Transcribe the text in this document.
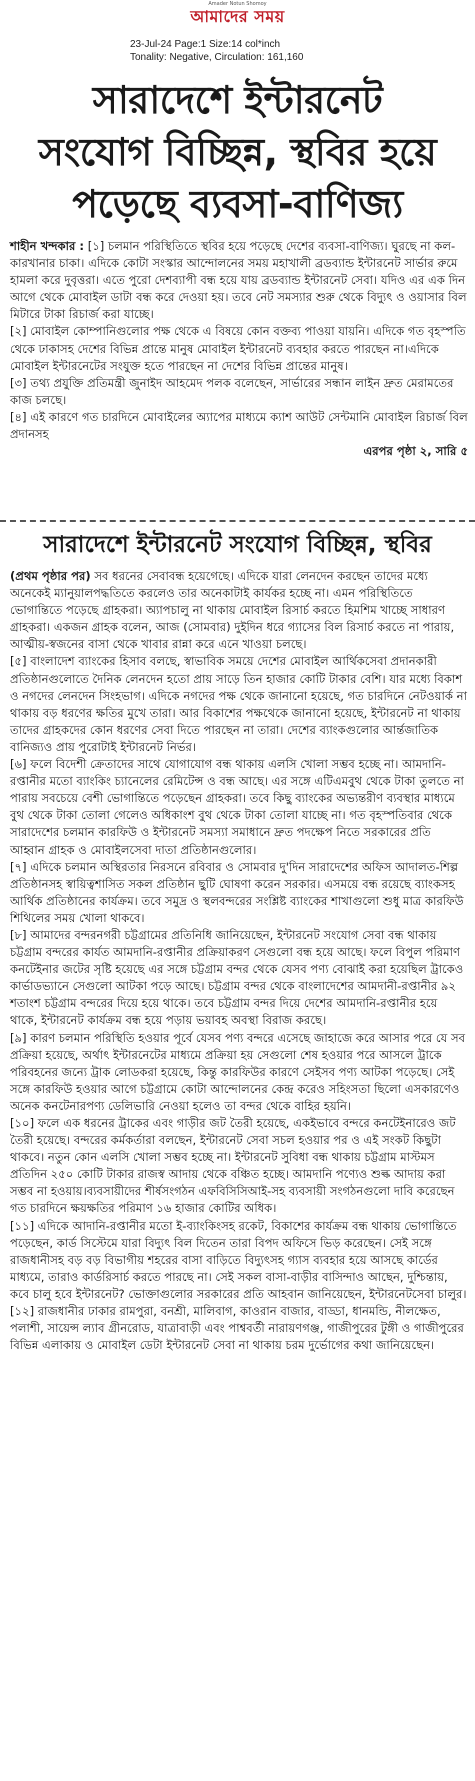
Amader Notun Shomoy
আমাদের সময়
23-Jul-24 Page:1 Size:14 col*inch
Tonality: Negative, Circulation: 161,160
সারাদেশে ইন্টারনেট
সংযোগ বিচ্ছিন্ন, স্থবির হয়ে
পড়েছে ব্যবসা-বাণিজ্য

শাহীন খন্দকার : [১] চলমান পরিস্থিতিতে স্থবির হয়ে পড়েছে দেশের ব্যবসা-বাণিজ্য। ঘুরছে না কল-কারখানার চাকা। এদিকে কোটা সংস্কার আন্দোলনের সময় মহাখালী ব্রডব্যান্ড ইন্টারনেট সার্ভার রুমে হামলা করে দুবৃত্তরা। এতে পুরো দেশব্যাপী বন্ধ হয়ে যায় ব্রডব্যান্ড ইন্টারনেট সেবা। যদিও এর এক দিন আগে থেকে মোবাইল ডাটা বন্ধ করে দেওয়া হয়। তবে নেট সমস্যার শুরু থেকে বিদ্যুৎ ও ওয়াসার বিল মিটারে টাকা রিচার্জ করা যাচ্ছে।

[২] মোবাইল কোম্পানিগুলোর পক্ষ থেকে এ বিষয়ে কোন বক্তব্য পাওয়া যায়নি। এদিকে গত বৃহস্পতি থেকে ঢাকাসহ দেশের বিভিন্ন প্রান্তে মানুষ মোবাইল ইন্টারনেট ব্যবহার করতে পারছেন না।এদিকে মোবাইল ইন্টারনেটের সংযুক্ত হতে পারছেন না দেশের বিভিন্ন প্রান্তের মানুষ।

[৩] তথ্য প্রযুক্তি প্রতিমন্ত্রী জুনাইদ আহমেদ পলক বলেছেন, সার্ভারের সন্ধান লাইন দ্রুত মেরামতের কাজ চলছে।

[৪] এই কারণে গত চারদিনে মোবাইলের অ্যাপের মাধ্যমে ক্যাশ আউট সেন্টমানি মোবাইল রিচার্জ বিল প্রদানসহ

এরপর পৃষ্ঠা ২, সারি ৫

সারাদেশে ইন্টারনেট সংযোগ বিচ্ছিন্ন, স্থবির

(প্রথম পৃষ্ঠার পর) সব ধরনের সেবাবন্ধ হয়েগেছে। এদিকে যারা লেনদেন করছেন তাদের মধ্যে অনেকেই ম্যানুয়ালপদ্ধতিতে করলেও তার অনেকাটাই কার্যকর হচ্ছে না। এমন পরিস্থিতিতে ভোগান্তিতে পড়েছে গ্রাহকরা। অ্যাপচালু না থাকায় মোবাইল রিসার্চ করতে হিমশিম খাচ্ছে সাধারণ গ্রাহকরা। একজন গ্রাহক বলেন, আজ (সোমবার) দুইদিন ধরে গ্যাসের বিল রিসার্চ করতে না পারায়, আত্মীয়-স্বজনের বাসা থেকে খাবার রান্না করে এনে খাওয়া চলছে।

[৫] বাংলাদেশ ব্যাংকের হিসাব বলছে, স্বাভাবিক সময়ে দেশের মোবাইল আর্থিকসেবা প্রদানকারী প্রতিষ্ঠানগুলোতে দৈনিক লেনদেন হতো প্রায় সাড়ে তিন হাজার কোটি টাকার বেশি। যার মধ্যে বিকাশ ও নগদের লেনদেন সিংহভাগ। এদিকে নগদের পক্ষ থেকে জানানো হয়েছে, গত চারদিনে নেটওয়ার্ক না থাকায় বড় ধরণের ক্ষতির মুখে তারা। আর বিকাশের পক্ষথেকে জানানো হয়েছে, ইন্টারনেট না থাকায় তাদের গ্রাহকদের কোন ধরণের সেবা দিতে পারছেন না তারা। দেশের ব্যাংকগুলোর আর্ন্তজাতিক বানিজ্যও প্রায় পুরোটাই ইন্টারনেট নির্ভর।

[৬] ফলে বিদেশী ক্রেতাদের সাথে যোগাযোগ বন্ধ থাকায় এলসি খোলা সম্ভব হচ্ছে না। আমদানি-রপ্তানীর মতো ব্যাংকিং চ্যানেলের রেমিটেন্স ও বন্ধ আছে। এর সঙ্গে এটিএমবুথ থেকে টাকা তুলতে না পারায় সবচেয়ে বেশী ভোগান্তিতে পড়েছেন গ্রাহকরা। তবে কিছু ব্যাংকের অভ্যন্তরীণ ব্যবস্থার মাধ্যমে বুথ থেকে টাকা তোলা গেলেও অধিকাংশ বুথ থেকে টাকা তোলা যাচ্ছে না। গত বৃহস্পতিবার থেকে সারাদেশের চলমান কারফিউ ও ইন্টারনেট সমস্যা সমাধানে দ্রুত পদক্ষেপ নিতে সরকারের প্রতি আহ্বান গ্রাহক ও মোবাইলসেবা দাতা প্রতিষ্ঠানগুলোর।

[৭] এদিকে চলমান অস্থিরতার নিরসনে রবিবার ও সোমবার দু'দিন সারাদেশের অফিস আদালত-শিল্প প্রতিষ্ঠানসহ স্বায়িত্বশাসিত সকল প্রতিষ্ঠান ছুটি ঘোষণা করেন সরকার। এসময়ে বন্ধ রয়েছে ব্যাংকসহ আর্থিক প্রতিষ্ঠানের কার্যক্রম। তবে সমুদ্র ও স্থলবন্দরের সংশ্লিষ্ট ব্যাংকের শাখাগুলো শুধু মাত্র কারফিউ শিথিলের সময় খোলা থাকবে।

[৮] আমাদের বন্দরনগরী চট্টগ্রামের প্রতিনিধি জানিয়েছেন, ইন্টারনেট সংযোগ সেবা বন্ধ থাকায় চট্টগ্রাম বন্দরের কার্যত আমদানি-রপ্তানীর প্রক্রিয়াকরণ সেগুলো বন্ধ হয়ে আছে। ফলে বিপুল পরিমাণ কনটেইনার জটের সৃষ্টি হয়েছে এর সঙ্গে চট্টগ্রাম বন্দর থেকে যেসব পণ্য বোঝাই করা হয়েছিল ট্রাকেও কার্ভাডভ্যানে সেগুলো আটকা পড়ে আছে। চট্টগ্রাম বন্দর থেকে বাংলাদেশের আমদানী-রপ্তানীর ৯২ শতাংশ চট্টগ্রাম বন্দরের দিয়ে হয়ে থাকে। তবে চট্টগ্রাম বন্দর দিয়ে দেশের আমদানি-রপ্তানীর হয়ে থাকে, ইন্টারনেট কার্যক্রম বন্ধ হয়ে পড়ায় ভয়াবহ অবস্থা বিরাজ করছে।

[৯] কারণ চলমান পরিস্থিতি হওয়ার পূর্বে যেসব পণ্য বন্দরে এসেছে জাহাজে করে আসার পরে যে সব প্রক্রিয়া হয়েছে, অর্থাৎ ইন্টারনেটের মাধ্যমে প্রক্রিয়া হয় সেগুলো শেষ হওয়ার পরে আসলে ট্রাকে পরিবহনের জন্যে ট্রাক লোডকরা হয়েছে, কিন্তু কারফিউর কারণে সেইসব পণ্য আটকা পড়েছে। সেই সঙ্গে কারফিউ হওয়ার আগে চট্টগ্রামে কোটা আন্দোলনের কেন্দ্র করেও সহিংসতা ছিলো এসকারণেও অনেক কনটেনারপণ্য ডেলিভারি নেওয়া হলেও তা বন্দর থেকে বাহির হয়নি।

[১০] ফলে এক ধরনের ট্রাকের এবং গাড়ীর জট তৈরী হয়েছে, একইভাবে বন্দরে কনটেইনারেও জট তৈরী হয়েছে। বন্দরের কর্মকর্তারা বলছেন, ইন্টারনেট সেবা সচল হওয়ার পর ও এই সংকট কিছুটা থাকবে। নতুন কোন এলসি খোলা সম্ভব হচ্ছে না। ইন্টারনেট সুবিধা বন্ধ থাকায় চট্টগ্রাম মাস্টমস প্রতিদিন ২৫০ কোটি টাকার রাজস্ব আদায় থেকে বঞ্চিত হচ্ছে। আমদানি পণ্যেও শুল্ক আদায় করা সম্ভব না হওয়ায়।ব্যবসায়ীদের শীর্ষসংগঠন এফবিসিসিআই-সহ ব্যবসায়ী সংগঠনগুলো দাবি করেছেন গত চারদিনে ক্ষয়ক্ষতির পরিমাণ ১৬ হাজার কোটির অধিক।

[১১] এদিকে আদানি-রপ্তানীর মতো ই-ব্যাংকিংসহ রকেট, বিকাশের কার্যক্রম বন্ধ থাকায় ভোগান্তিতে পড়েছেন, কার্ড সিস্টেমে যারা বিদ্যুৎ বিল দিতেন তারা বিপদ অফিসে ভিড় করেছেন। সেই সঙ্গে রাজধানীসহ বড় বড় বিভাগীয় শহরের বাসা বাড়িতে বিদ্যুৎসহ গ্যাস ব্যবহার হয়ে আসছে কার্ডের মাধ্যমে, তারাও কার্ডরিসার্চ করতে পারছে না। সেই সকল বাসা-বাড়ীর বাসিন্দাও আছেন, দুশ্চিন্তায়, কবে চালু হবে ইন্টারনেট? ভোক্তাগুলোর সরকারের প্রতি আহবান জানিয়েছেন, ইন্টারনেটসেবা চালুর।

[১২] রাজধানীর ঢাকার রামপুরা, বনশ্রী, মালিবাগ, কাওরান বাজার, বাড্ডা, ধানমন্ডি, নীলক্ষেত, পলাশী, সায়েন্স ল্যাব গ্রীনরোড, যাত্রাবাড়ী এবং পাশ্ববর্তী নারায়ণগঞ্জ, গাজীপুরের টুঙ্গী ও গাজীপুরের বিভিন্ন এলাকায় ও মোবাইল ডেটা ইন্টারনেট সেবা না থাকায় চরম দুর্ভোগের কথা জানিয়েছেন।
